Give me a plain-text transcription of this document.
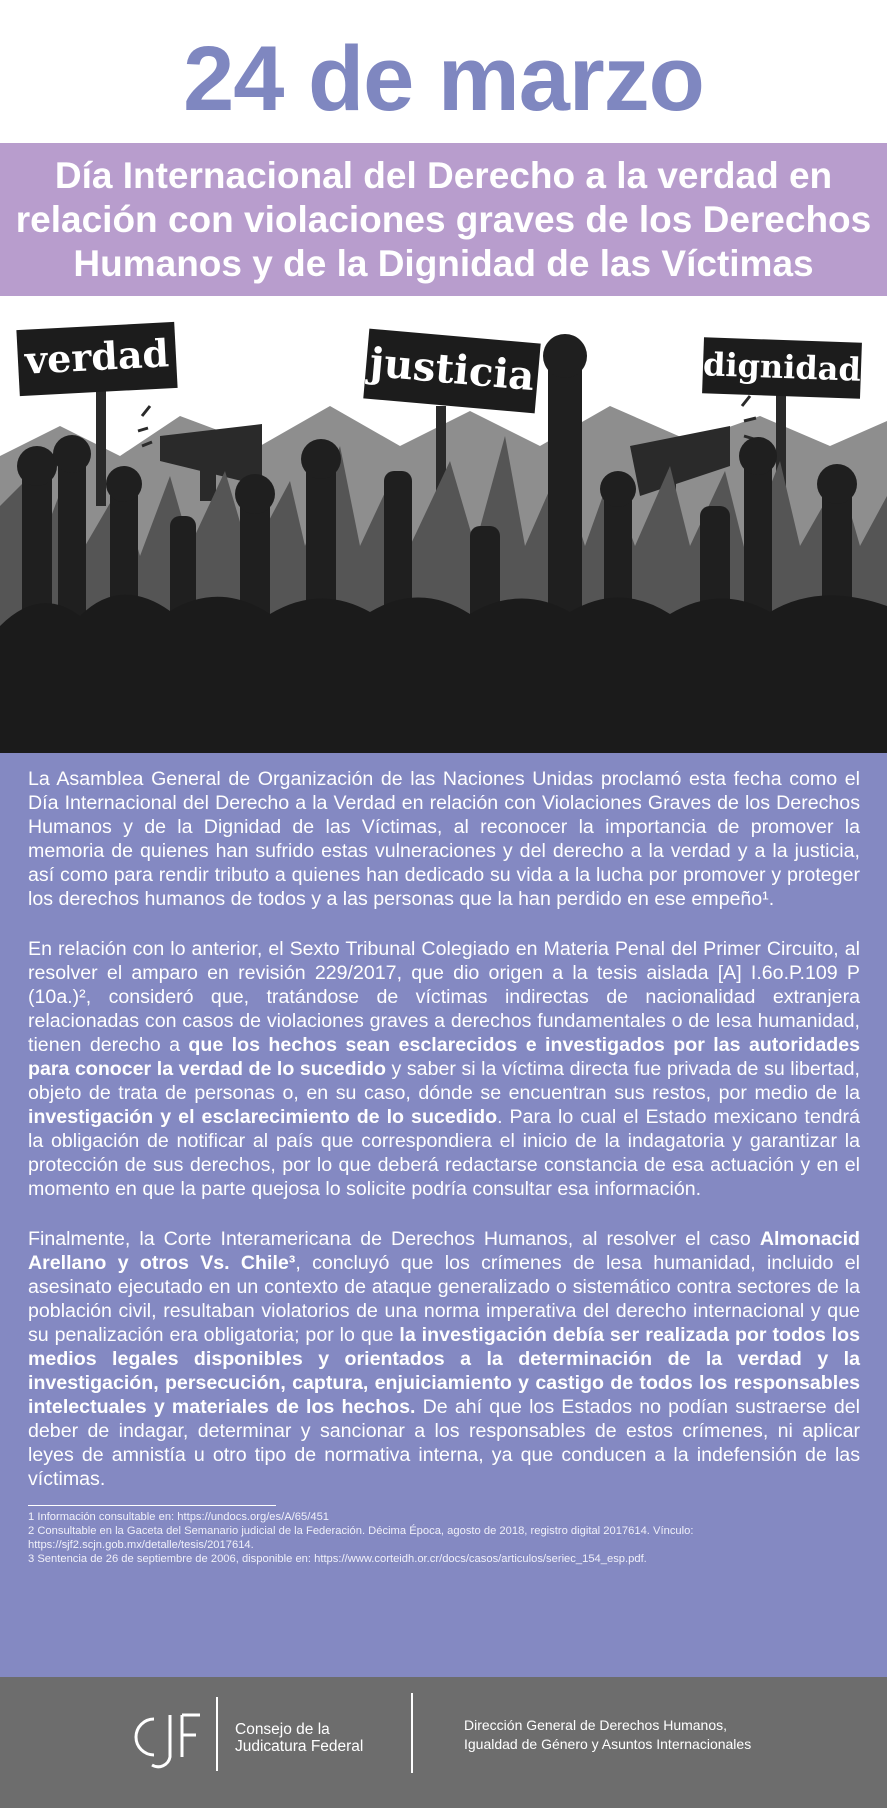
24 de marzo
Día Internacional del Derecho a la verdad en relación con violaciones graves de los Derechos Humanos y de la Dignidad de las Víctimas
verdad	justicia	dignidad

La Asamblea General de Organización de las Naciones Unidas proclamó esta fecha como el Día Internacional del Derecho a la Verdad en relación con Violaciones Graves de los Derechos Humanos y de la Dignidad de las Víctimas, al reconocer la importancia de promover la memoria de quienes han sufrido estas vulneraciones y del derecho a la verdad y a la justicia, así como para rendir tributo a quienes han dedicado su vida a la lucha por promover y proteger los derechos humanos de todos y a las personas que la han perdido en ese empeño¹.

En relación con lo anterior, el Sexto Tribunal Colegiado en Materia Penal del Primer Circuito, al resolver el amparo en revisión 229/2017, que dio origen a la tesis aislada [A] I.6o.P.109 P (10a.)², consideró que, tratándose de víctimas indirectas de nacionalidad extranjera relacionadas con casos de violaciones graves a derechos fundamentales o de lesa humanidad, tienen derecho a que los hechos sean esclarecidos e investigados por las autoridades para conocer la verdad de lo sucedido y saber si la víctima directa fue privada de su libertad, objeto de trata de personas o, en su caso, dónde se encuentran sus restos, por medio de la investigación y el esclarecimiento de lo sucedido. Para lo cual el Estado mexicano tendrá la obligación de notificar al país que correspondiera el inicio de la indagatoria y garantizar la protección de sus derechos, por lo que deberá redactarse constancia de esa actuación y en el momento en que la parte quejosa lo solicite podría consultar esa información.

Finalmente, la Corte Interamericana de Derechos Humanos, al resolver el caso Almonacid Arellano y otros Vs. Chile³, concluyó que los crímenes de lesa humanidad, incluido el asesinato ejecutado en un contexto de ataque generalizado o sistemático contra sectores de la población civil, resultaban violatorios de una norma imperativa del derecho internacional y que su penalización era obligatoria; por lo que la investigación debía ser realizada por todos los medios legales disponibles y orientados a la determinación de la verdad y la investigación, persecución, captura, enjuiciamiento y castigo de todos los responsables intelectuales y materiales de los hechos. De ahí que los Estados no podían sustraerse del deber de indagar, determinar y sancionar a los responsables de estos crímenes, ni aplicar leyes de amnistía u otro tipo de normativa interna, ya que conducen a la indefensión de las víctimas.

1 Información consultable en: https://undocs.org/es/A/65/451
2 Consultable en la Gaceta del Semanario judicial de la Federación. Décima Época, agosto de 2018, registro digital 2017614. Vínculo: https://sjf2.scjn.gob.mx/detalle/tesis/2017614.
3 Sentencia de 26 de septiembre de 2006, disponible en: https://www.corteidh.or.cr/docs/casos/articulos/seriec_154_esp.pdf.
Consejo de la
Judicatura Federal
Dirección General de Derechos Humanos,
Igualdad de Género y Asuntos Internacionales
